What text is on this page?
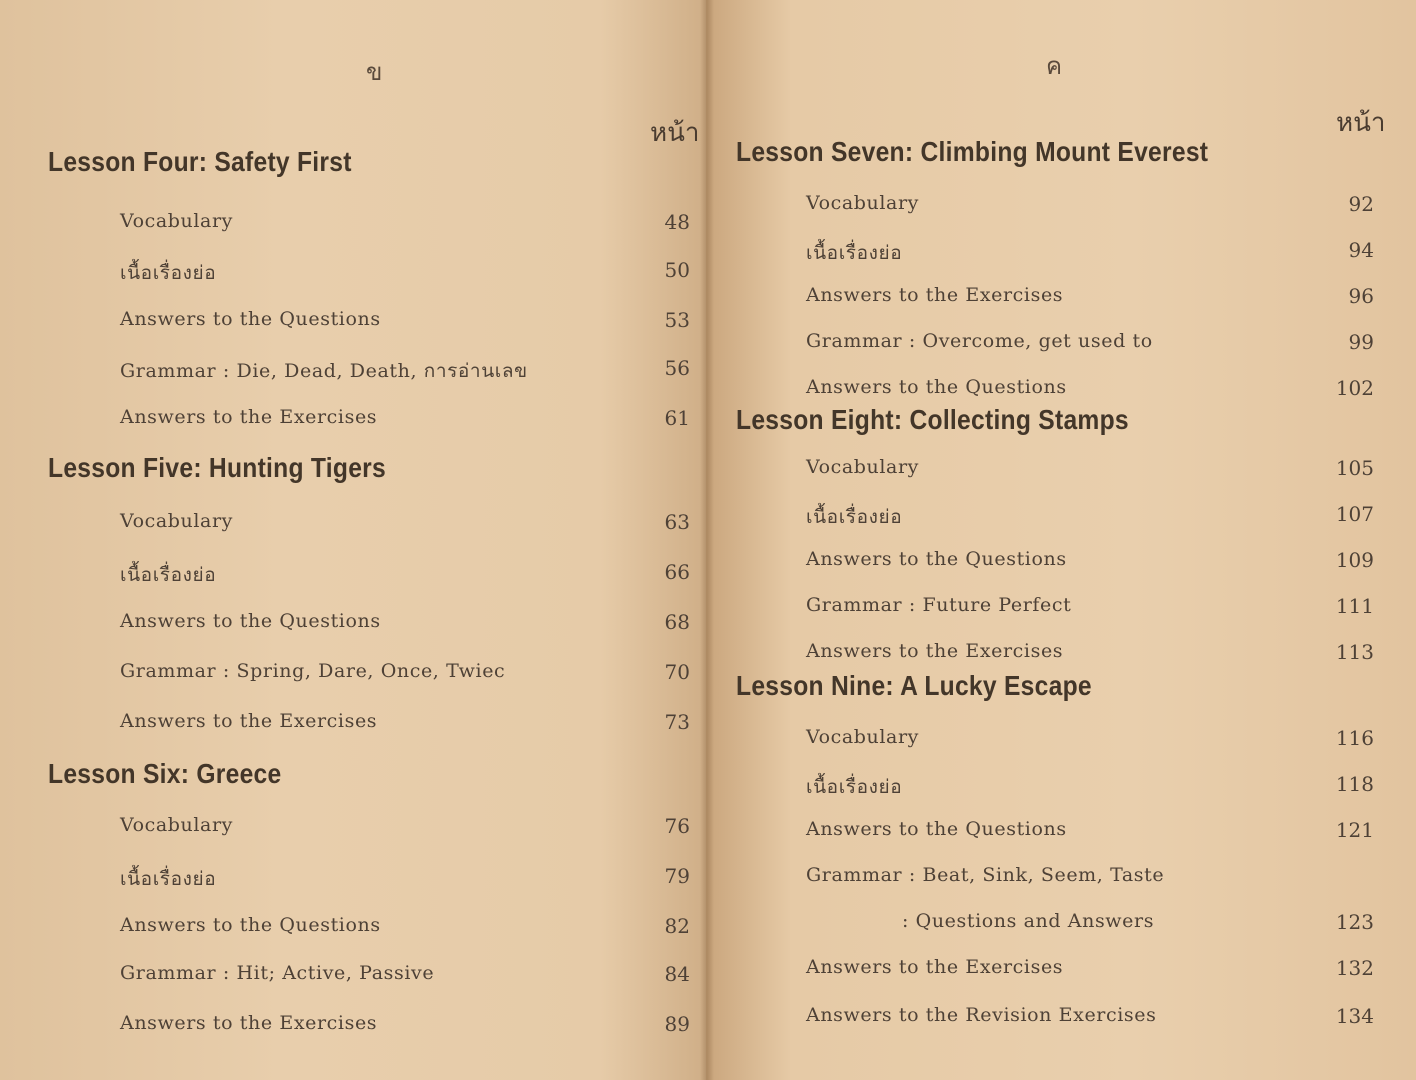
ข
หน้า
Lesson Four: Safety First
Vocabulary	48
เนื้อเรื่องย่อ	50
Answers to the Questions	53
Grammar : Die, Dead, Death, การอ่านเลข	56
Answers to the Exercises	61
Lesson Five: Hunting Tigers
Vocabulary	63
เนื้อเรื่องย่อ	66
Answers to the Questions	68
Grammar : Spring, Dare, Once, Twiec	70
Answers to the Exercises	73
Lesson Six: Greece
Vocabulary	76
เนื้อเรื่องย่อ	79
Answers to the Questions	82
Grammar : Hit; Active, Passive	84
Answers to the Exercises	89
ค
หน้า
Lesson Seven: Climbing Mount Everest
Vocabulary	92
เนื้อเรื่องย่อ	94
Answers to the Exercises	96
Grammar : Overcome, get used to	99
Answers to the Questions	102
Lesson Eight: Collecting Stamps
Vocabulary	105
เนื้อเรื่องย่อ	107
Answers to the Questions	109
Grammar : Future Perfect	111
Answers to the Exercises	113
Lesson Nine: A Lucky Escape
Vocabulary	116
เนื้อเรื่องย่อ	118
Answers to the Questions	121
Grammar : Beat, Sink, Seem, Taste
: Questions and Answers	123
Answers to the Exercises	132
Answers to the Revision Exercises	134
